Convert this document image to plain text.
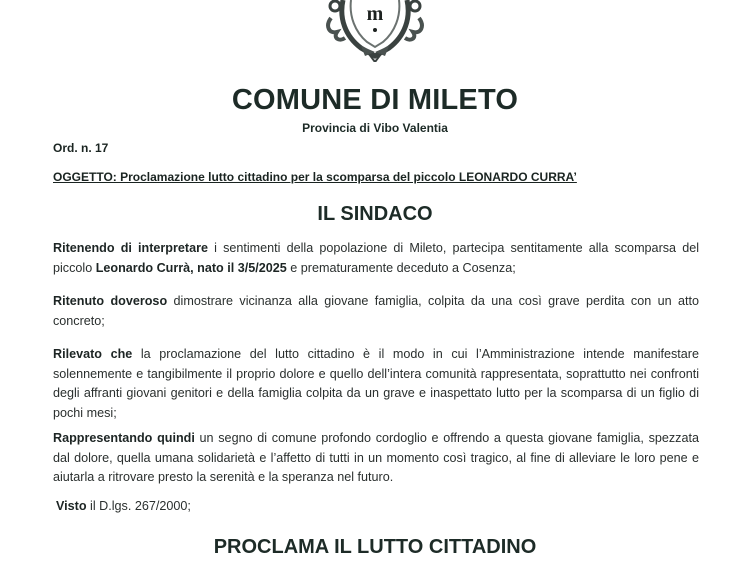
m
COMUNE DI MILETO
Provincia di Vibo Valentia
Ord. n. 17
OGGETTO: Proclamazione lutto cittadino per la scomparsa del piccolo LEONARDO CURRA’
IL SINDACO
Ritenendo di interpretare i sentimenti della popolazione di Mileto, partecipa sentitamente alla scomparsa del piccolo Leonardo Currà, nato il 3/5/2025 e prematuramente deceduto a Cosenza;
Ritenuto doveroso dimostrare vicinanza alla giovane famiglia, colpita da una così grave perdita con un atto concreto;
Rilevato che la proclamazione del lutto cittadino è il modo in cui l’Amministrazione intende manifestare solennemente e tangibilmente il proprio dolore e quello dell’intera comunità rappresentata, soprattutto nei confronti degli affranti giovani genitori e della famiglia colpita da un grave e inaspettato lutto per la scomparsa di un figlio di pochi mesi;
Rappresentando quindi un segno di comune profondo cordoglio e offrendo a questa giovane famiglia, spezzata dal dolore, quella umana solidarietà e l’affetto di tutti in un momento così tragico, al fine di alleviare le loro pene e aiutarla a ritrovare presto la serenità e la speranza nel futuro.
Visto il D.lgs. 267/2000;
PROCLAMA IL LUTTO CITTADINO
